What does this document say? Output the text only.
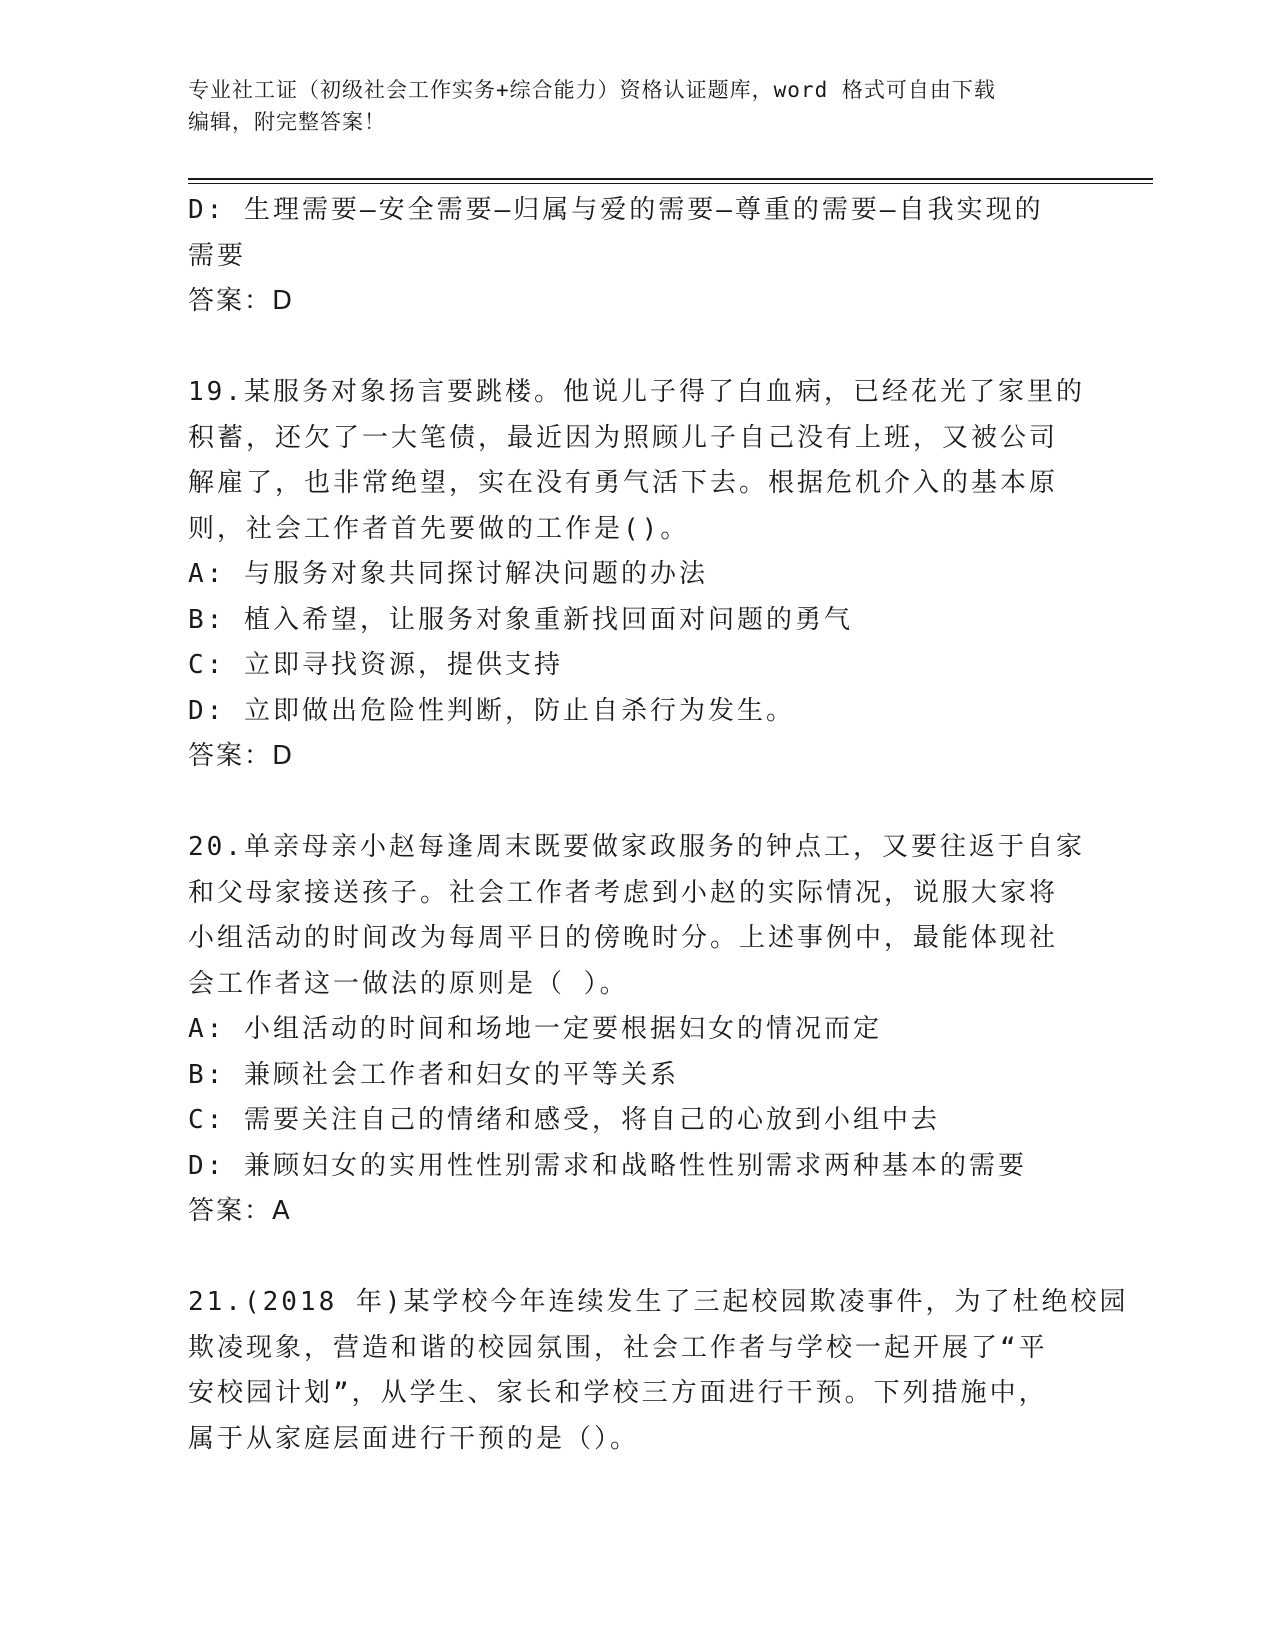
专业社工证（初级社会工作实务+综合能力）资格认证题库，word 格式可自由下载
编辑，附完整答案！
D: 生理需要—安全需要—归属与爱的需要—尊重的需要—自我实现的
需要
答案：D
19.某服务对象扬言要跳楼。他说儿子得了白血病，已经花光了家里的
积蓄，还欠了一大笔债，最近因为照顾儿子自己没有上班，又被公司
解雇了，也非常绝望，实在没有勇气活下去。根据危机介入的基本原
则，社会工作者首先要做的工作是()。
A: 与服务对象共同探讨解决问题的办法
B: 植入希望，让服务对象重新找回面对问题的勇气
C: 立即寻找资源，提供支持
D: 立即做出危险性判断，防止自杀行为发生。
答案：D
20.单亲母亲小赵每逢周末既要做家政服务的钟点工，又要往返于自家
和父母家接送孩子。社会工作者考虑到小赵的实际情况，说服大家将
小组活动的时间改为每周平日的傍晚时分。上述事例中，最能体现社
会工作者这一做法的原则是（ ）。
A: 小组活动的时间和场地一定要根据妇女的情况而定
B: 兼顾社会工作者和妇女的平等关系
C: 需要关注自己的情绪和感受，将自己的心放到小组中去
D: 兼顾妇女的实用性性别需求和战略性性别需求两种基本的需要
答案：A
21.(2018 年)某学校今年连续发生了三起校园欺凌事件，为了杜绝校园
欺凌现象，营造和谐的校园氛围，社会工作者与学校一起开展了“平
安校园计划”，从学生、家长和学校三方面进行干预。下列措施中，
属于从家庭层面进行干预的是（）。
